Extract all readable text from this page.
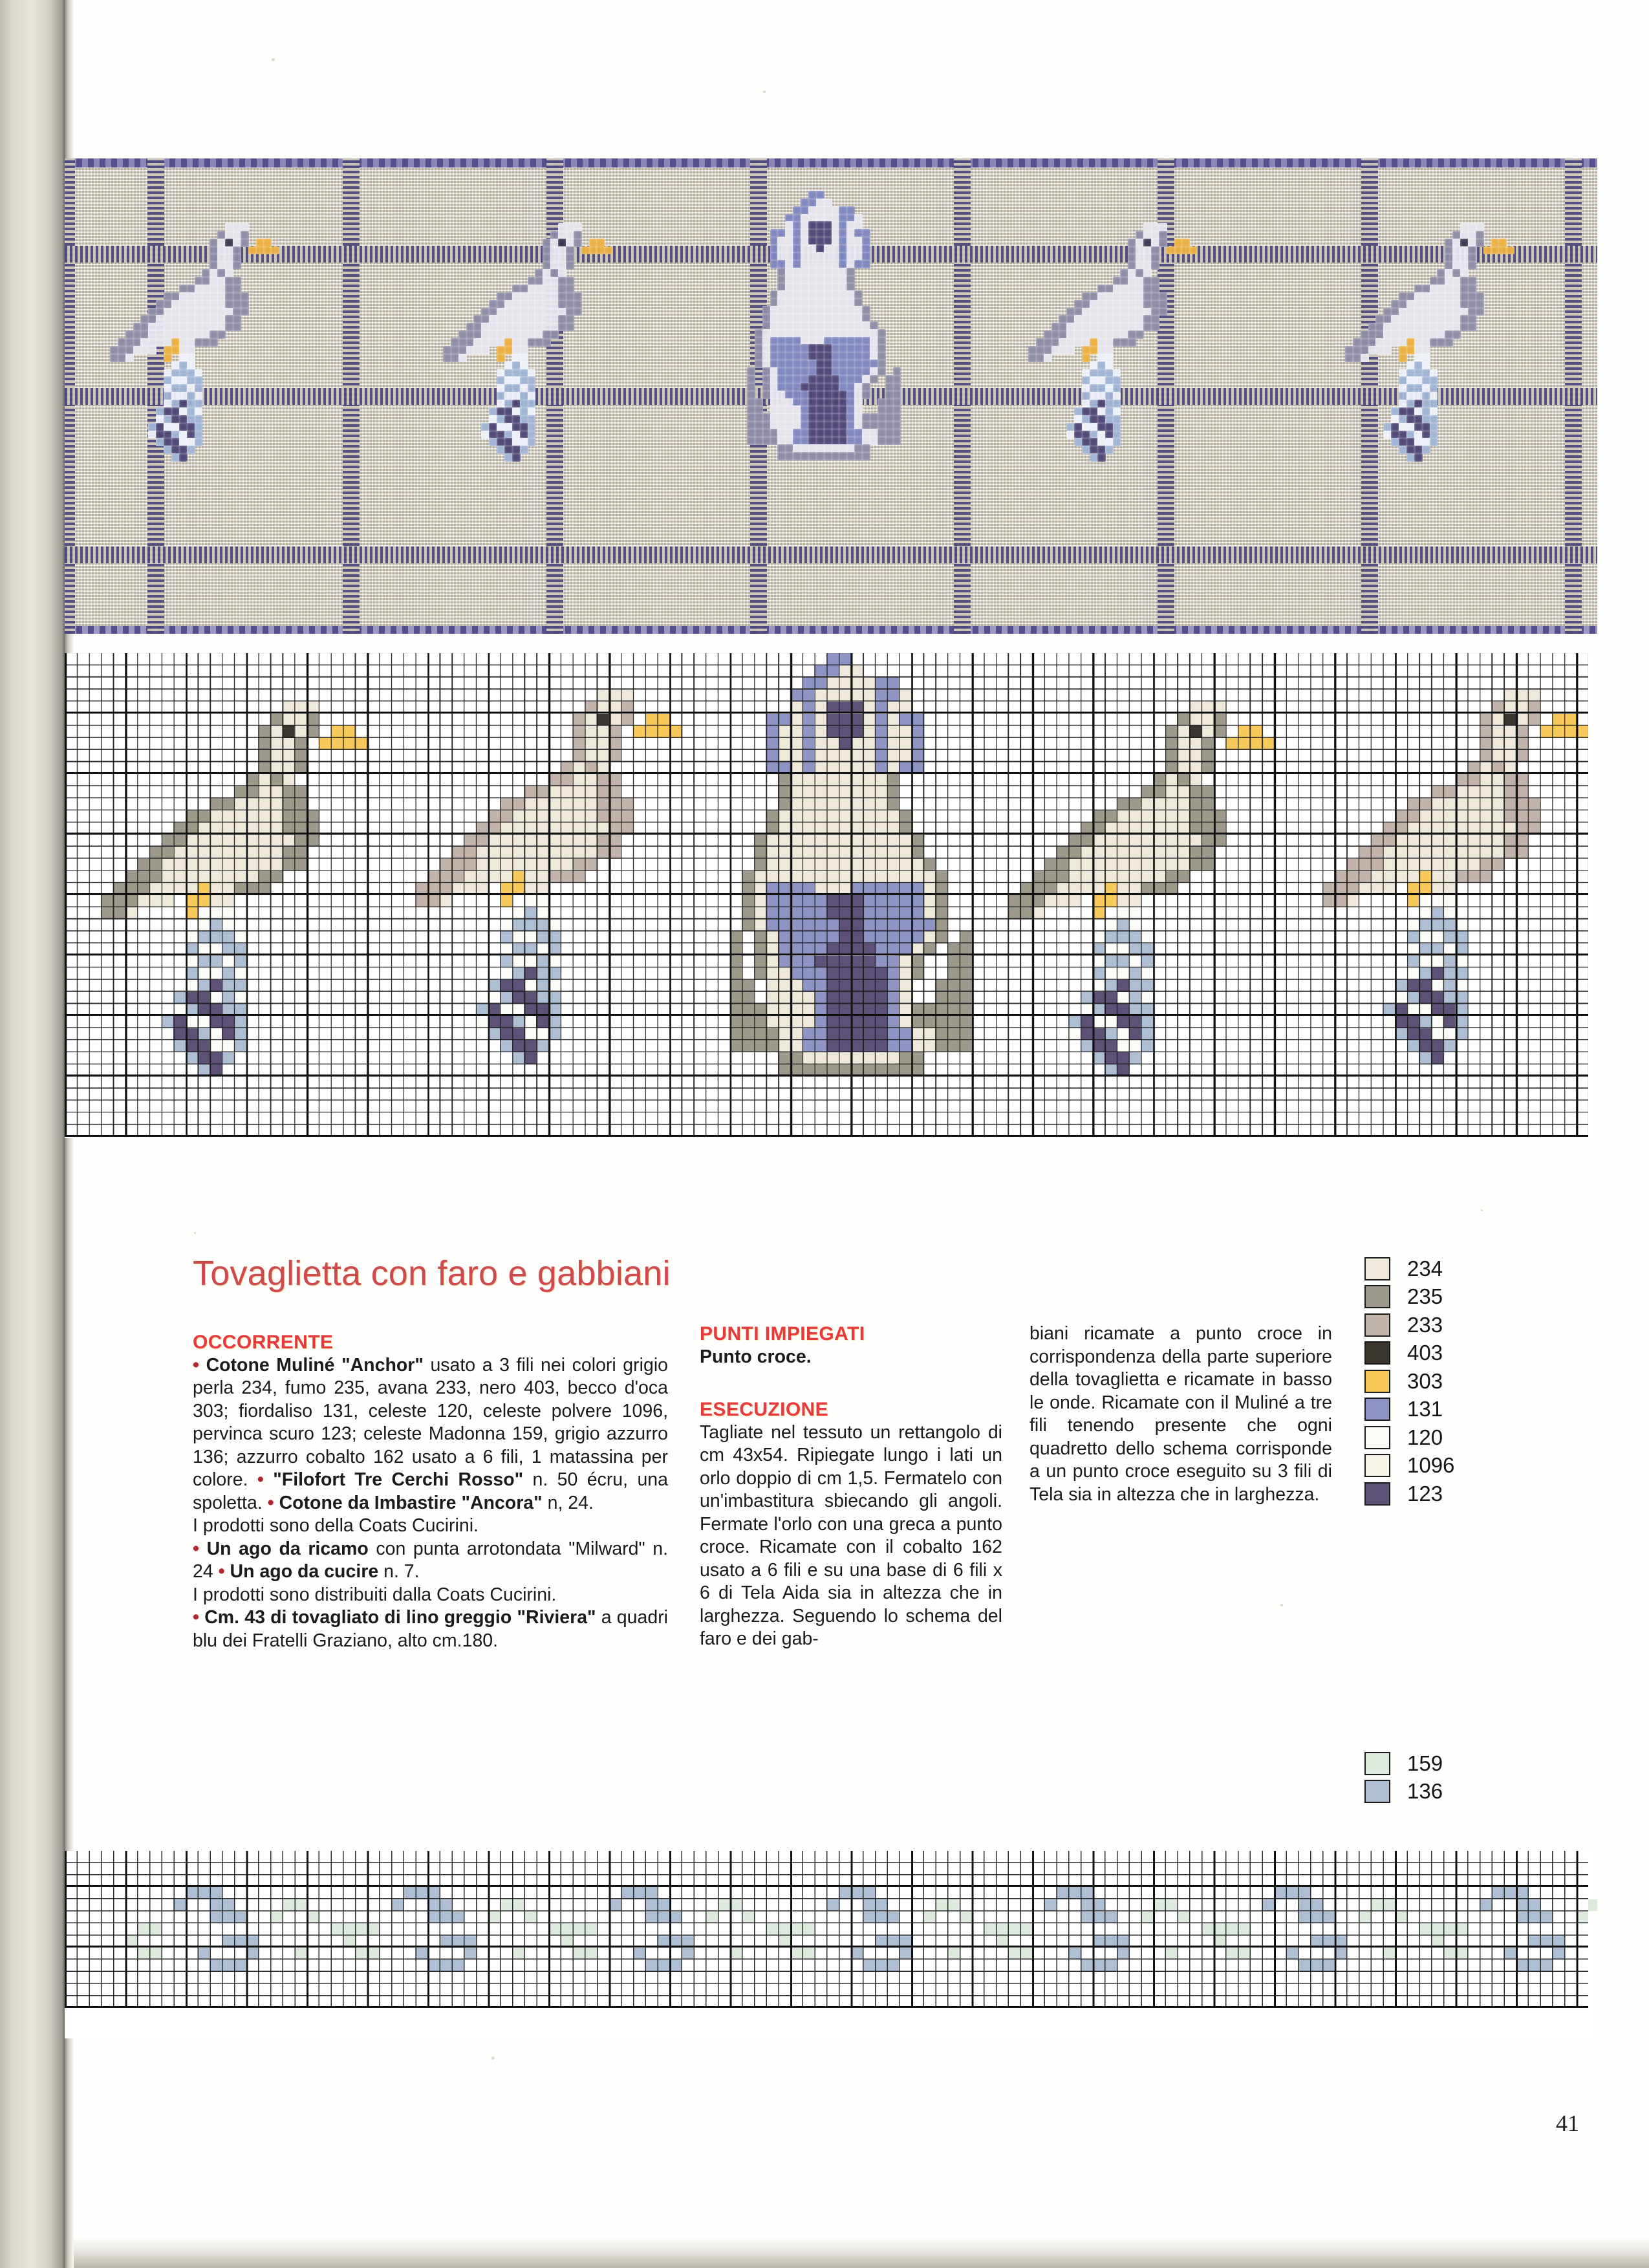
Tovaglietta con faro e gabbiani

OCCORRENTE

• Cotone Muliné "Anchor" usato a 3 fili nei colori grigio perla 234, fumo 235, avana 233, nero 403, becco d'oca 303; fiordaliso 131, celeste 120, celeste polvere 1096, pervinca scuro 123; celeste Madonna 159, grigio azzurro 136; azzurro cobalto 162 usato a 6 fili, 1 matassina per colore. • "Filofort Tre Cerchi Rosso" n. 50 écru, una spoletta. • Cotone da Imbastire "Ancora" n, 24.

I prodotti sono della Coats Cucirini.

• Un ago da ricamo con punta arrotondata "Milward" n. 24 • Un ago da cucire n. 7.

I prodotti sono distribuiti dalla Coats Cucirini.

• Cm. 43 di tovagliato di lino greggio "Riviera" a quadri blu dei Fratelli Graziano, alto cm.180.

PUNTI IMPIEGATI

Punto croce.

ESECUZIONE

Tagliate nel tessuto un rettangolo di cm 43x54. Ripiegate lungo i lati un orlo doppio di cm 1,5. Fermatelo con un'imbastitura sbiecando gli angoli. Fermate l'orlo con una greca a punto croce. Ricamate con il cobalto 162 usato a 6 fili e su una base di 6 fili x 6 di Tela Aida sia in altezza che in larghezza. Seguendo lo schema del faro e dei gab-

biani ricamate a punto croce in corrispondenza della parte superiore della tovaglietta e ricamate in basso le onde. Ricamate con il Muliné a tre fili tenendo presente che ogni quadretto dello schema corrisponde a un punto croce eseguito su 3 fili di Tela sia in altezza che in larghezza.

234
235
233
403
303
131
120
1096
123
159
136
41
